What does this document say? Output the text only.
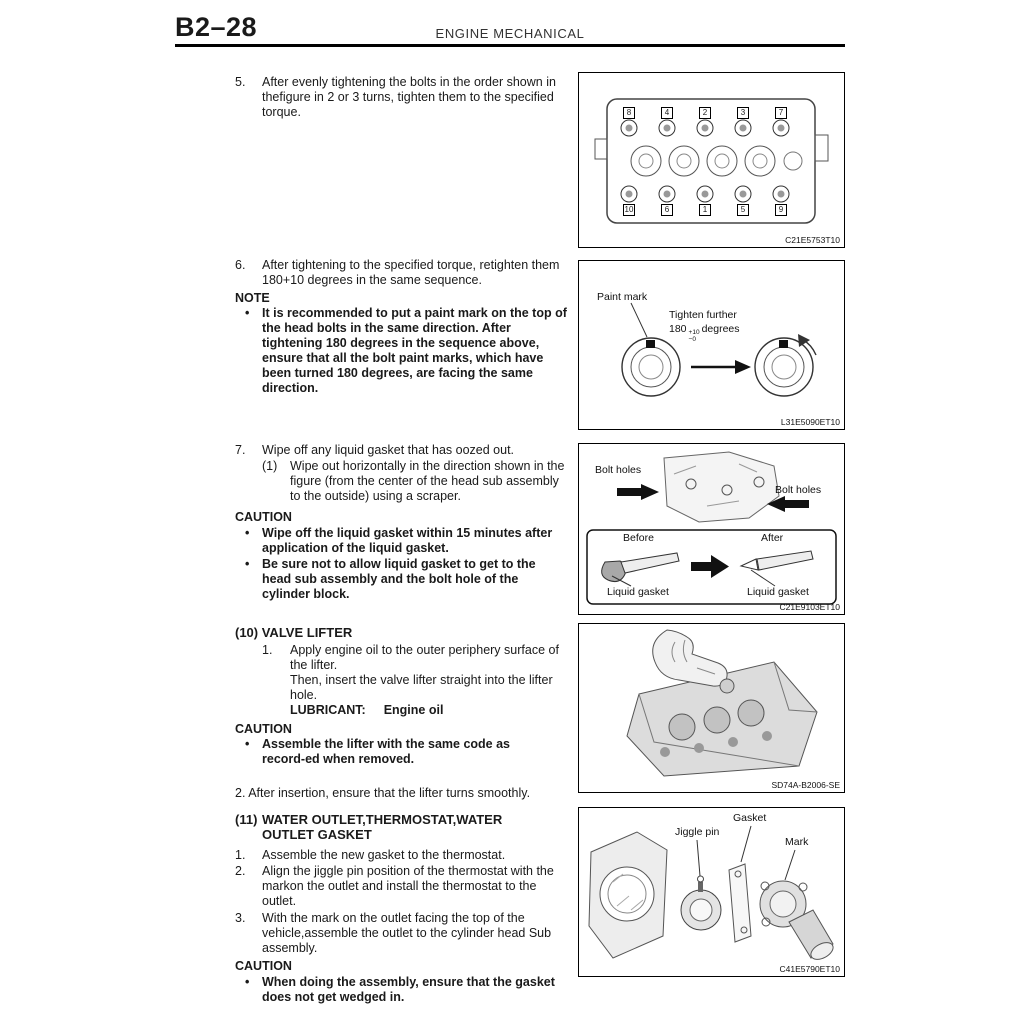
B2–28	ENGINE MECHANICAL
5. After evenly tightening the bolts in the order shown in thefigure in 2 or 3 turns, tighten them to the specified torque.
6. After tightening to the specified torque, retighten them 180+10 degrees in the same sequence.
NOTE
• It is recommended to put a paint mark on the top of the head bolts in the same direction. After tightening 180 degrees in the sequence above, ensure that all the bolt paint marks, which have been turned 180 degrees, are facing the same direction.
7. Wipe off any liquid gasket that has oozed out.
(1) Wipe out horizontally in the direction shown in the figure (from the center of the head sub assembly to the outside) using a scraper.
CAUTION
• Wipe off the liquid gasket within 15 minutes after application of the liquid gasket.
• Be sure not to allow liquid gasket to get to the head sub assembly and the bolt hole of the cylinder block.
(10) VALVE LIFTER
1. Apply engine oil to the outer periphery surface of the lifter.
Then, insert the valve lifter straight into the lifter hole.
LUBRICANT: Engine oil
CAUTION
• Assemble the lifter with the same code as record-ed when removed.
2. After insertion, ensure that the lifter turns smoothly.
(11) WATER OUTLET,THERMOSTAT,WATER OUTLET GASKET
1. Assemble the new gasket to the thermostat.
2. Align the jiggle pin position of the thermostat with the markon the outlet and install the thermostat to the outlet.
3. With the mark on the outlet facing the top of the vehicle,assemble the outlet to the cylinder head Sub assembly.
CAUTION
• When doing the assembly, ensure that the gasket does not get wedged in.
8	4	2	3	7
10	6	1	5	9
C21E5753T10
Paint mark
Tighten further
180 +10
−0
degrees
L31E5090ET10
Bolt holes
Bolt holes
Before	After
Liquid gasket	Liquid gasket
C21E9103ET10
SD74A-B2006-SE
Jiggle pin
Gasket
Mark
C41E5790ET10
